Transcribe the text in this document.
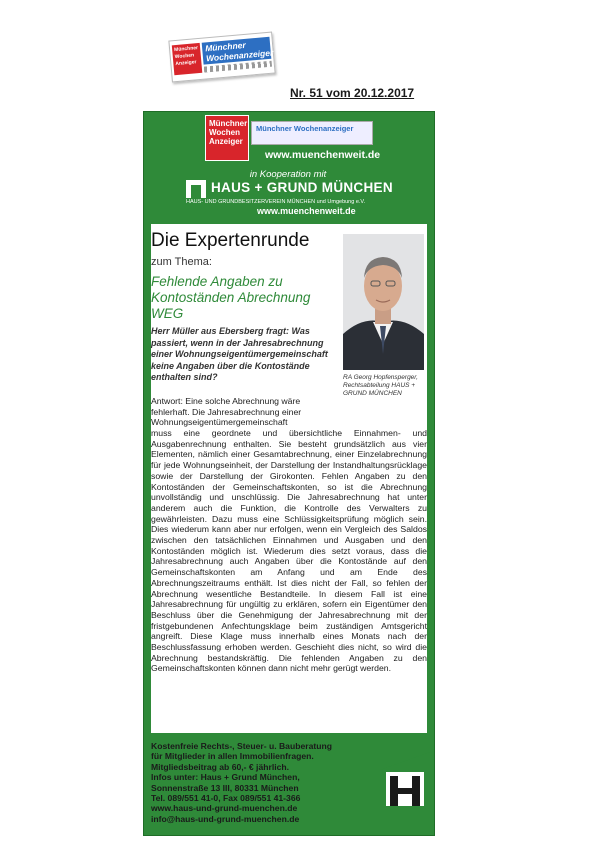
Münchner Wochen Anzeiger
Münchner Wochenanzeiger
Nr. 51 vom 20.12.2017
Münchner Wochen Anzeiger
Münchner Wochenanzeiger
www.muenchenweit.de
in Kooperation mit
HAUS + GRUND MÜNCHEN
HAUS- UND GRUNDBESITZERVEREIN MÜNCHEN und Umgebung e.V.
www.muenchenweit.de
Die Expertenrunde
zum Thema:
Fehlende Angaben zu Kontoständen Abrechnung WEG
Herr Müller aus Ebersberg fragt: Was passiert, wenn in der Jahresabrechnung einer Wohnungseigentümergemeinschaft keine Angaben über die Kontostände enthalten sind?	RA Georg Hopfensperger, Rechtsabteilung HAUS + GRUND MÜNCHEN
Antwort: Eine solche Abrechnung wäre fehlerhaft. Die Jahresabrechnung einer Wohnungseigentümergemeinschaft
muss eine geordnete und übersichtliche Einnahmen- und Ausgabenrechnung enthalten. Sie besteht grundsätzlich aus vier Elementen, nämlich einer Gesamtabrechnung, einer Einzelabrechnung für jede Wohnungseinheit, der Darstellung der Instandhaltungsrücklage sowie der Darstellung der Girokonten. Fehlen Angaben zu den Kontoständen der Gemeinschaftskonten, so ist die Abrechnung unvollständig und unschlüssig. Die Jahresabrechnung hat unter anderem auch die Funktion, die Kontrolle des Verwalters zu gewährleisten. Dazu muss eine Schlüssigkeitsprüfung möglich sein. Dies wiederum kann aber nur erfolgen, wenn ein Vergleich des Saldos zwischen den tatsächlichen Einnahmen und Ausgaben und den Kontoständen möglich ist. Wiederum dies setzt voraus, dass die Jahresabrechnung auch Angaben über die Kontostände auf den Gemeinschaftskonten am Anfang und am Ende des Abrechnungszeitraums enthält. Ist dies nicht der Fall, so fehlen der Abrechnung wesentliche Bestandteile. In diesem Fall ist eine Jahresabrechnung für ungültig zu erklären, sofern ein Eigentümer den Beschluss über die Genehmigung der Jahresabrechnung mit der fristgebundenen Anfechtungsklage beim zuständigen Amtsgericht angreift. Diese Klage muss innerhalb eines Monats nach der Beschlussfassung erhoben werden. Geschieht dies nicht, so wird die Abrechnung bestandskräftig. Die fehlenden Angaben zu den Gemeinschaftskonten können dann nicht mehr gerügt werden.
Kostenfreie Rechts-, Steuer- u. Bauberatung
für Mitglieder in allen Immobilienfragen.
Mitgliedsbeitrag ab 60,- € jährlich.
Infos unter: Haus + Grund München,
Sonnenstraße 13 III, 80331 München
Tel. 089/551 41-0, Fax 089/551 41-366
www.haus-und-grund-muenchen.de
info@haus-und-grund-muenchen.de
